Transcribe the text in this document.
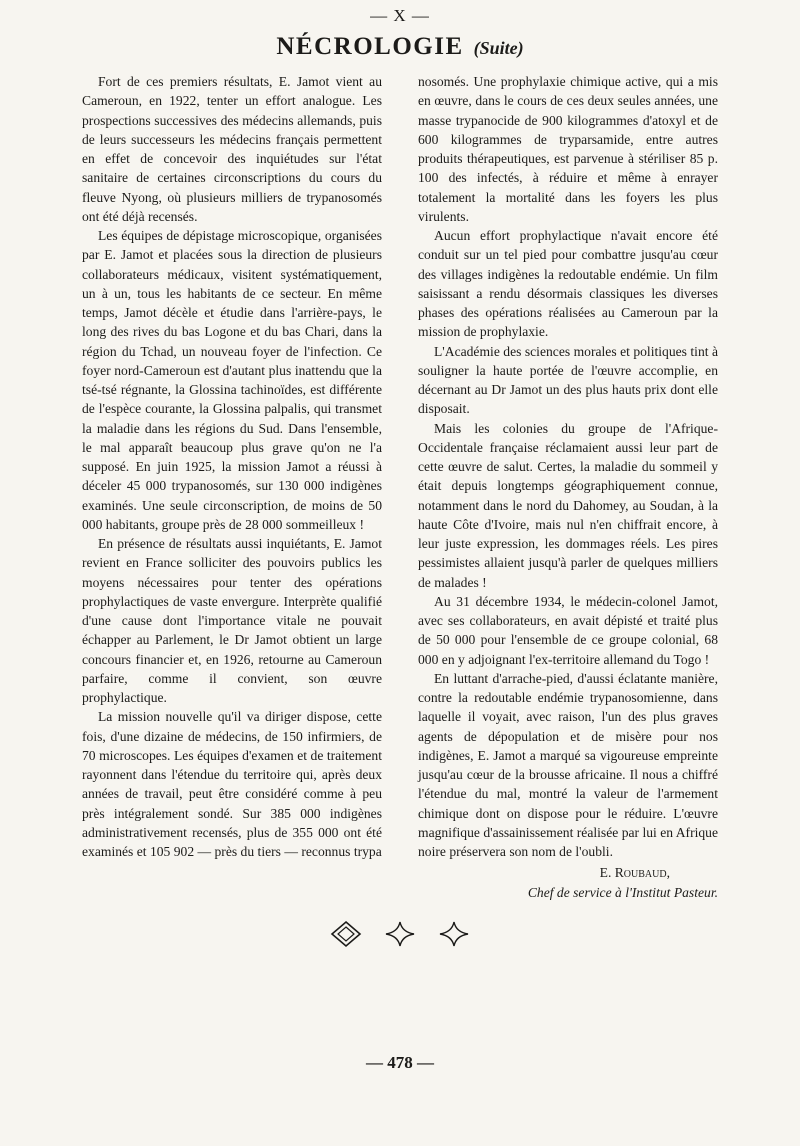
— X —
NÉCROLOGIE (Suite)

Fort de ces premiers résultats, E. Jamot vient au Cameroun, en 1922, tenter un effort analogue. Les prospections successives des médecins allemands, puis de leurs successeurs les médecins français permettent en effet de concevoir des inquiétudes sur l'état sanitaire de certaines circonscriptions du cours du fleuve Nyong, où plusieurs milliers de trypanosomés ont été déjà recensés.

Les équipes de dépistage microscopique, organisées par E. Jamot et placées sous la direction de plusieurs collaborateurs médicaux, visitent systématiquement, un à un, tous les habitants de ce secteur. En même temps, Jamot décèle et étudie dans l'arrière-pays, le long des rives du bas Logone et du bas Chari, dans la région du Tchad, un nouveau foyer de l'infection. Ce foyer nord-Cameroun est d'autant plus inattendu que la tsé-tsé régnante, la Glossina tachinoïdes, est différente de l'espèce courante, la Glossina palpalis, qui transmet la maladie dans les régions du Sud. Dans l'ensemble, le mal apparaît beaucoup plus grave qu'on ne l'a supposé. En juin 1925, la mission Jamot a réussi à déceler 45 000 trypanosomés, sur 130 000 indigènes examinés. Une seule circonscription, de moins de 50 000 habitants, groupe près de 28 000 sommeilleux !

En présence de résultats aussi inquiétants, E. Jamot revient en France solliciter des pouvoirs publics les moyens nécessaires pour tenter des opérations prophylactiques de vaste envergure. Interprète qualifié d'une cause dont l'importance vitale ne pouvait échapper au Parlement, le Dr Jamot obtient un large concours financier et, en 1926, retourne au Cameroun parfaire, comme il convient, son œuvre prophylactique.

La mission nouvelle qu'il va diriger dispose, cette fois, d'une dizaine de médecins, de 150 infirmiers, de 70 microscopes. Les équipes d'examen et de traitement rayonnent dans l'étendue du territoire qui, après deux années de travail, peut être considéré comme à peu près intégralement sondé. Sur 385 000 indigènes administrativement recensés, plus de 355 000 ont été examinés et 105 902 — près du tiers — reconnus trypa

nosomés. Une prophylaxie chimique active, qui a mis en œuvre, dans le cours de ces deux seules années, une masse trypanocide de 900 kilogrammes d'atoxyl et de 600 kilogrammes de tryparsamide, entre autres produits thérapeutiques, est parvenue à stériliser 85 p. 100 des infectés, à réduire et même à enrayer totalement la mortalité dans les foyers les plus virulents.

Aucun effort prophylactique n'avait encore été conduit sur un tel pied pour combattre jusqu'au cœur des villages indigènes la redoutable endémie. Un film saisissant a rendu désormais classiques les diverses phases des opérations réalisées au Cameroun par la mission de prophylaxie.

L'Académie des sciences morales et politiques tint à souligner la haute portée de l'œuvre accomplie, en décernant au Dr Jamot un des plus hauts prix dont elle disposait.

Mais les colonies du groupe de l'Afrique-Occidentale française réclamaient aussi leur part de cette œuvre de salut. Certes, la maladie du sommeil y était depuis longtemps géographiquement connue, notamment dans le nord du Dahomey, au Soudan, à la haute Côte d'Ivoire, mais nul n'en chiffrait encore, à leur juste expression, les dommages réels. Les pires pessimistes allaient jusqu'à parler de quelques milliers de malades !

Au 31 décembre 1934, le médecin-colonel Jamot, avec ses collaborateurs, en avait dépisté et traité plus de 50 000 pour l'ensemble de ce groupe colonial, 68 000 en y adjoignant l'ex-territoire allemand du Togo !

En luttant d'arrache-pied, d'aussi éclatante manière, contre la redoutable endémie trypanosomienne, dans laquelle il voyait, avec raison, l'un des plus graves agents de dépopulation et de misère pour nos indigènes, E. Jamot a marqué sa vigoureuse empreinte jusqu'au cœur de la brousse africaine. Il nous a chiffré l'étendue du mal, montré la valeur de l'armement chimique dont on dispose pour le réduire. L'œuvre magnifique d'assainissement réalisée par lui en Afrique noire préservera son nom de l'oubli.

E. Roubaud,
Chef de service à l'Institut Pasteur.
— 478 —
